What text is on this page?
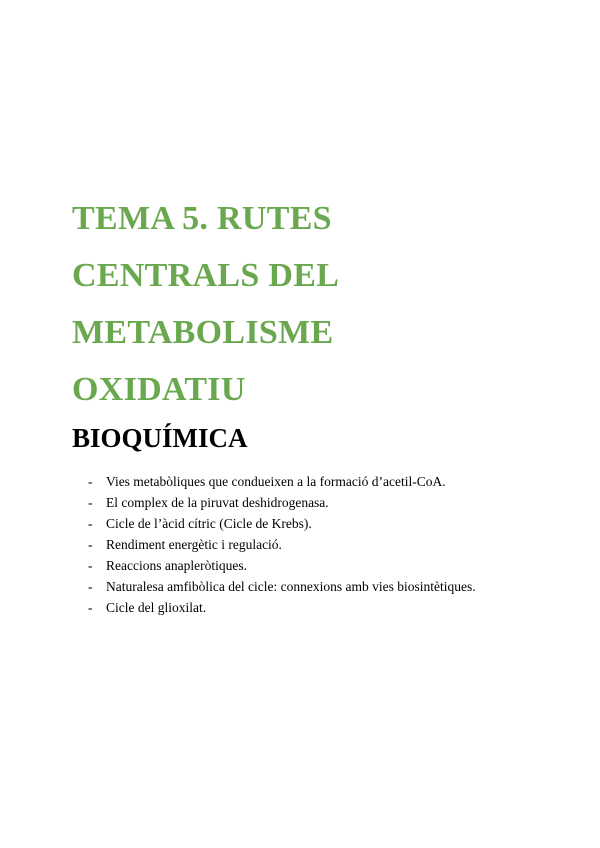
TEMA 5. RUTES
CENTRALS DEL
METABOLISME
OXIDATIU
BIOQUÍMICA
-	Vies metabòliques que condueixen a la formació d’acetil-CoA.
-	El complex de la piruvat deshidrogenasa.
-	Cicle de l’àcid cítric (Cicle de Krebs).
-	Rendiment energètic i regulació.
-	Reaccions anapleròtiques.
-	Naturalesa amfibòlica del cicle: connexions amb vies biosintètiques.
-	Cicle del glioxilat.
